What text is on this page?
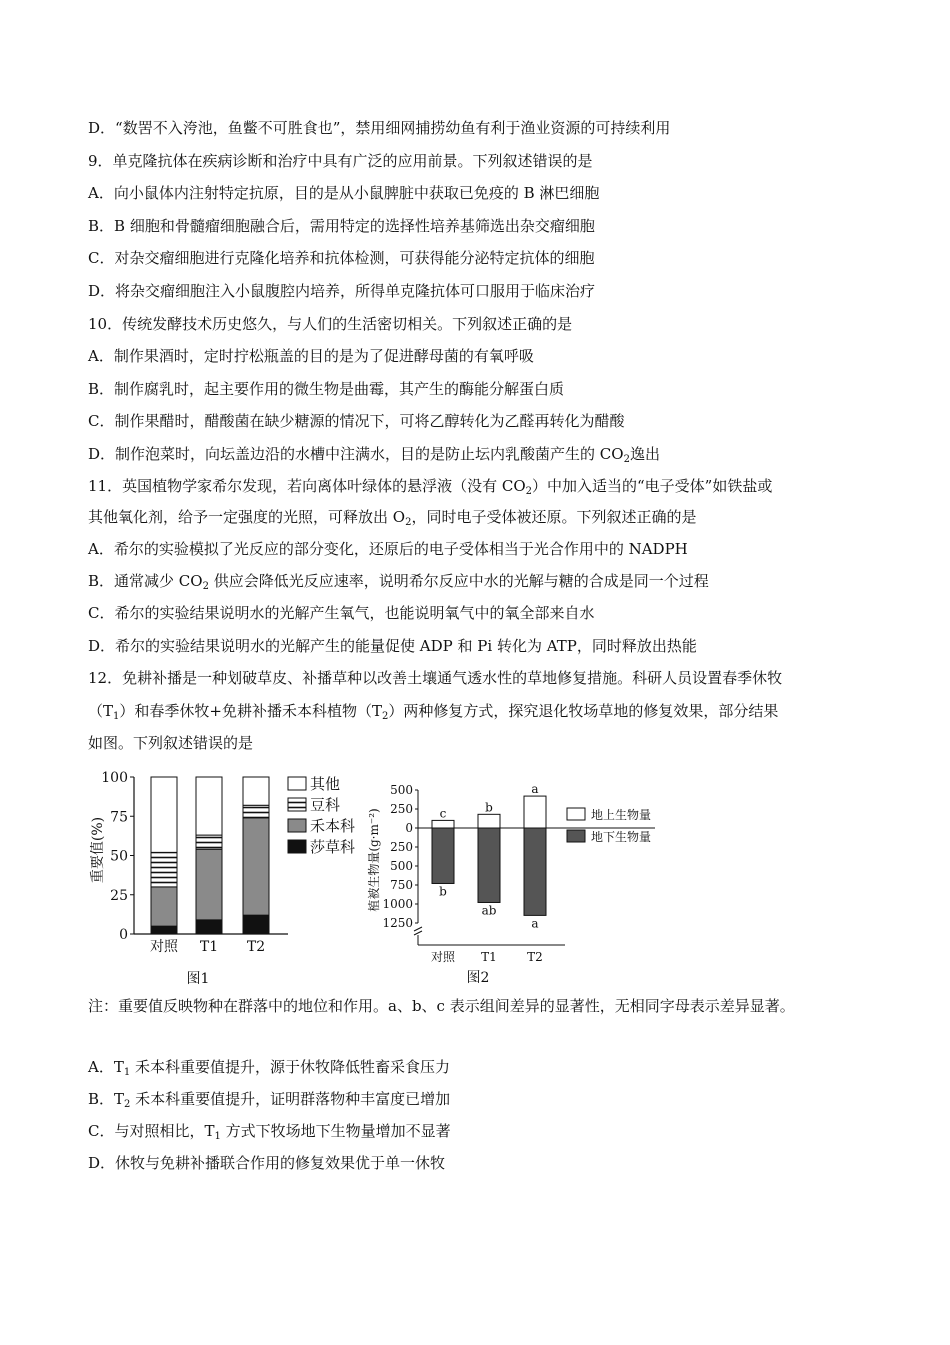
D．“数罟不入洿池，鱼鳖不可胜食也”，禁用细网捕捞幼鱼有利于渔业资源的可持续利用
9．单克隆抗体在疾病诊断和治疗中具有广泛的应用前景。下列叙述错误的是
A．向小鼠体内注射特定抗原，目的是从小鼠脾脏中获取已免疫的 B 淋巴细胞
B．B 细胞和骨髓瘤细胞融合后，需用特定的选择性培养基筛选出杂交瘤细胞
C．对杂交瘤细胞进行克隆化培养和抗体检测，可获得能分泌特定抗体的细胞
D．将杂交瘤细胞注入小鼠腹腔内培养，所得单克隆抗体可口服用于临床治疗
10．传统发酵技术历史悠久，与人们的生活密切相关。下列叙述正确的是
A．制作果酒时，定时拧松瓶盖的目的是为了促进酵母菌的有氧呼吸
B．制作腐乳时，起主要作用的微生物是曲霉，其产生的酶能分解蛋白质
C．制作果醋时，醋酸菌在缺少糖源的情况下，可将乙醇转化为乙醛再转化为醋酸
D．制作泡菜时，向坛盖边沿的水槽中注满水，目的是防止坛内乳酸菌产生的 $CO_2$逸出
11．英国植物学家希尔发现，若向离体叶绿体的悬浮液（没有 $CO_2$）中加入适当的“电子受体”如铁盐或
其他氧化剂，给予一定强度的光照，可释放出 $O_2$，同时电子受体被还原。下列叙述正确的是
A．希尔的实验模拟了光反应的部分变化，还原后的电子受体相当于光合作用中的 NADPH
B．通常减少 $CO_2$ 供应会降低光反应速率，说明希尔反应中水的光解与糖的合成是同一个过程
C．希尔的实验结果说明水的光解产生氧气，也能说明氧气中的氧全部来自水
D．希尔的实验结果说明水的光解产生的能量促使 ADP 和 Pi 转化为 ATP，同时释放出热能
12．免耕补播是一种划破草皮、补播草种以改善土壤通气透水性的草地修复措施。科研人员设置春季休牧
$(T_1)$和春季休牧+免耕补播禾本科植物$(T_2)$两种修复方式，探究退化牧场草地的修复效果，部分结果
如图。下列叙述错误的是
0
25
50
75
100
对照 T1 T2
其他
豆科
禾本科
莎草科
重要值(%)
图1
500
250
0
250
500
750
1000
1250
c
b
对照
b
ab
T1
a
a
T2
地上生物量
地下生物量
植被生物量(g·m⁻²)
图2
注：重要值反映物种在群落中的地位和作用。a、b、c 表示组间差异的显著性，无相同字母表示差异显著。
A．$T_1$ 禾本科重要值提升，源于休牧降低牲畜采食压力
B．$T_2$ 禾本科重要值提升，证明群落物种丰富度已增加
C．与对照相比，$T_1$ 方式下牧场地下生物量增加不显著
D．休牧与免耕补播联合作用的修复效果优于单一休牧
